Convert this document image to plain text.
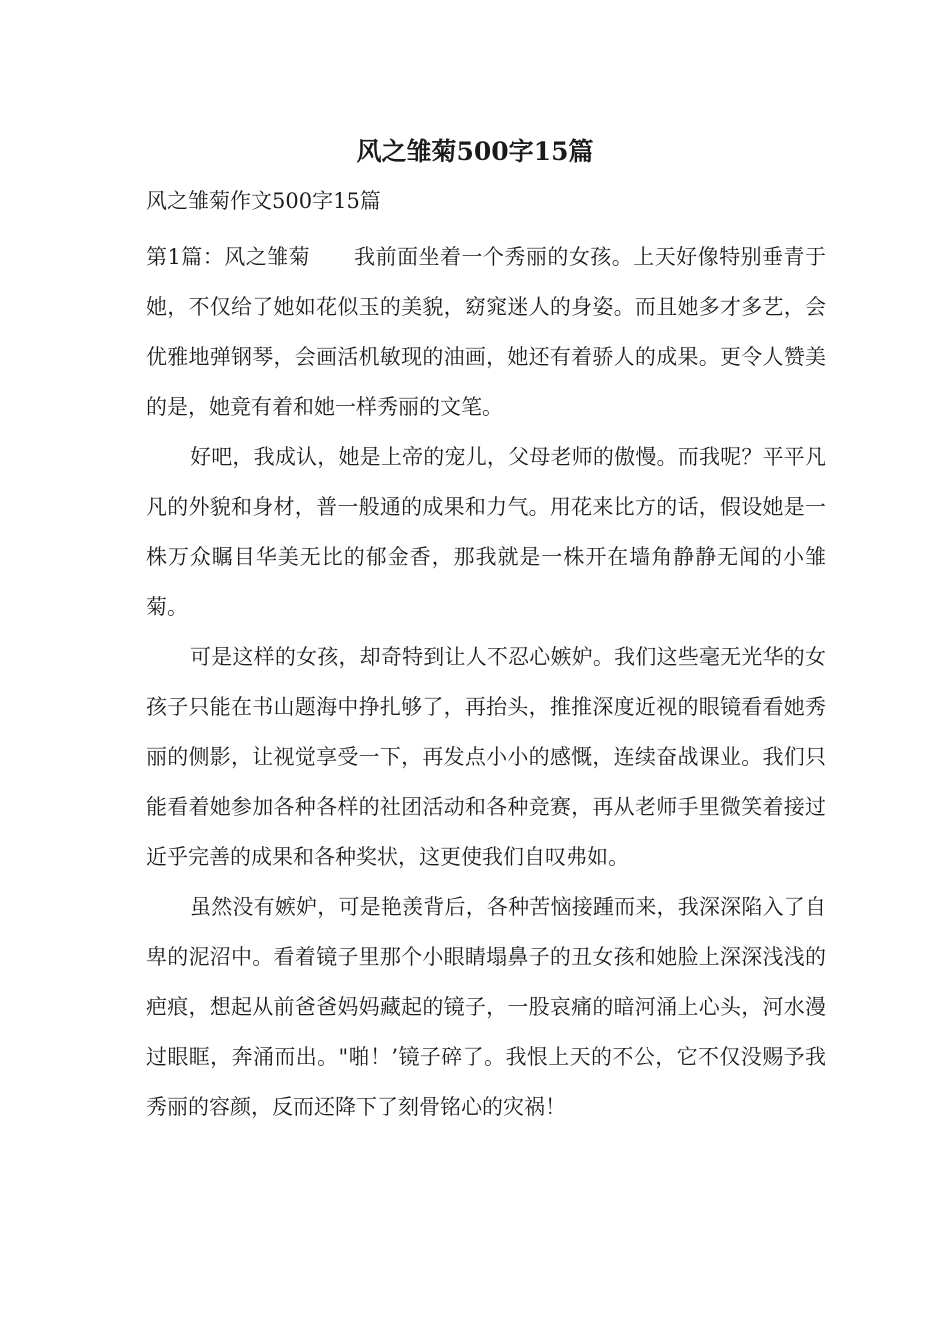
风之雏菊500字15篇

风之雏菊作文500字15篇

第1篇：风之雏菊 我前面坐着一个秀丽的女孩。上天好像特别垂青于她，不仅给了她如花似玉的美貌，窈窕迷人的身姿。而且她多才多艺，会优雅地弹钢琴，会画活机敏现的油画，她还有着骄人的成果。更令人赞美的是，她竟有着和她一样秀丽的文笔。

好吧，我成认，她是上帝的宠儿，父母老师的傲慢。而我呢？平平凡凡的外貌和身材，普一般通的成果和力气。用花来比方的话，假设她是一株万众瞩目华美无比的郁金香，那我就是一株开在墙角静静无闻的小雏菊。

可是这样的女孩，却奇特到让人不忍心嫉妒。我们这些毫无光华的女孩子只能在书山题海中挣扎够了，再抬头，推推深度近视的眼镜看看她秀丽的侧影，让视觉享受一下，再发点小小的感慨，连续奋战课业。我们只能看着她参加各种各样的社团活动和各种竞赛，再从老师手里微笑着接过近乎完善的成果和各种奖状，这更使我们自叹弗如。

虽然没有嫉妒，可是艳羡背后，各种苦恼接踵而来，我深深陷入了自卑的泥沼中。看着镜子里那个小眼睛塌鼻子的丑女孩和她脸上深深浅浅的疤痕，想起从前爸爸妈妈藏起的镜子，一股哀痛的暗河涌上心头，河水漫过眼眶，奔涌而出。"啪！’镜子碎了。我恨上天的不公，它不仅没赐予我秀丽的容颜，反而还降下了刻骨铭心的灾祸！
